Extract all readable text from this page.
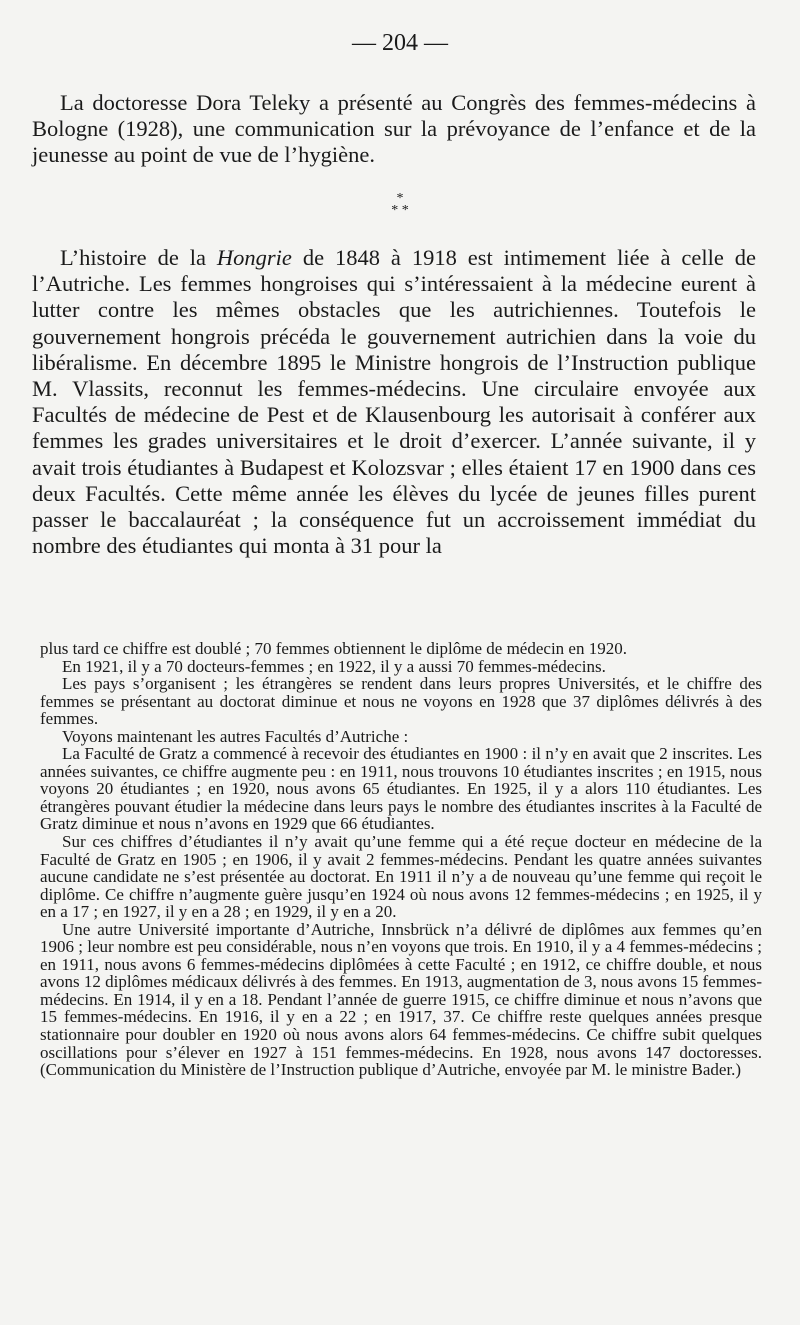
— 204 —

La doctoresse Dora Teleky a présenté au Congrès des femmes-médecins à Bologne (1928), une communication sur la prévoyance de l’enfance et de la jeunesse au point de vue de l’hygiène.

*
* *

L’histoire de la Hongrie de 1848 à 1918 est intimement liée à celle de l’Autriche. Les femmes hongroises qui s’intéressaient à la médecine eurent à lutter contre les mêmes obstacles que les autrichiennes. Toutefois le gouvernement hongrois précéda le gouvernement autrichien dans la voie du libéralisme. En décembre 1895 le Ministre hongrois de l’Instruction publique M. Vlassits, reconnut les femmes-médecins. Une circulaire envoyée aux Facultés de médecine de Pest et de Klausenbourg les autorisait à conférer aux femmes les grades universitaires et le droit d’exercer. L’année suivante, il y avait trois étudiantes à Budapest et Kolozsvar ; elles étaient 17 en 1900 dans ces deux Facultés. Cette même année les élèves du lycée de jeunes filles purent passer le baccalauréat ; la conséquence fut un accroissement immédiat du nombre des étudiantes qui monta à 31 pour la

plus tard ce chiffre est doublé ; 70 femmes obtiennent le diplôme de médecin en 1920.

En 1921, il y a 70 docteurs-femmes ; en 1922, il y a aussi 70 femmes-médecins.

Les pays s’organisent ; les étrangères se rendent dans leurs propres Universités, et le chiffre des femmes se présentant au doctorat diminue et nous ne voyons en 1928 que 37 diplômes délivrés à des femmes.

Voyons maintenant les autres Facultés d’Autriche :

La Faculté de Gratz a commencé à recevoir des étudiantes en 1900 : il n’y en avait que 2 inscrites. Les années suivantes, ce chiffre augmente peu : en 1911, nous trouvons 10 étudiantes inscrites ; en 1915, nous voyons 20 étudiantes ; en 1920, nous avons 65 étudiantes. En 1925, il y a alors 110 étudiantes. Les étrangères pouvant étudier la médecine dans leurs pays le nombre des étudiantes inscrites à la Faculté de Gratz diminue et nous n’avons en 1929 que 66 étudiantes.

Sur ces chiffres d’étudiantes il n’y avait qu’une femme qui a été reçue docteur en médecine de la Faculté de Gratz en 1905 ; en 1906, il y avait 2 femmes-médecins. Pendant les quatre années suivantes aucune candidate ne s’est présentée au doctorat. En 1911 il n’y a de nouveau qu’une femme qui reçoit le diplôme. Ce chiffre n’augmente guère jusqu’en 1924 où nous avons 12 femmes-médecins ; en 1925, il y en a 17 ; en 1927, il y en a 28 ; en 1929, il y en a 20.

Une autre Université importante d’Autriche, Innsbrück n’a délivré de diplômes aux femmes qu’en 1906 ; leur nombre est peu considérable, nous n’en voyons que trois. En 1910, il y a 4 femmes-médecins ; en 1911, nous avons 6 femmes-médecins diplômées à cette Faculté ; en 1912, ce chiffre double, et nous avons 12 diplômes médicaux délivrés à des femmes. En 1913, augmentation de 3, nous avons 15 femmes-médecins. En 1914, il y en a 18. Pendant l’année de guerre 1915, ce chiffre diminue et nous n’avons que 15 femmes-médecins. En 1916, il y en a 22 ; en 1917, 37. Ce chiffre reste quelques années presque stationnaire pour doubler en 1920 où nous avons alors 64 femmes-médecins. Ce chiffre subit quelques oscillations pour s’élever en 1927 à 151 femmes-médecins. En 1928, nous avons 147 doctoresses. (Communication du Ministère de l’Instruction publique d’Autriche, envoyée par M. le ministre Bader.)
